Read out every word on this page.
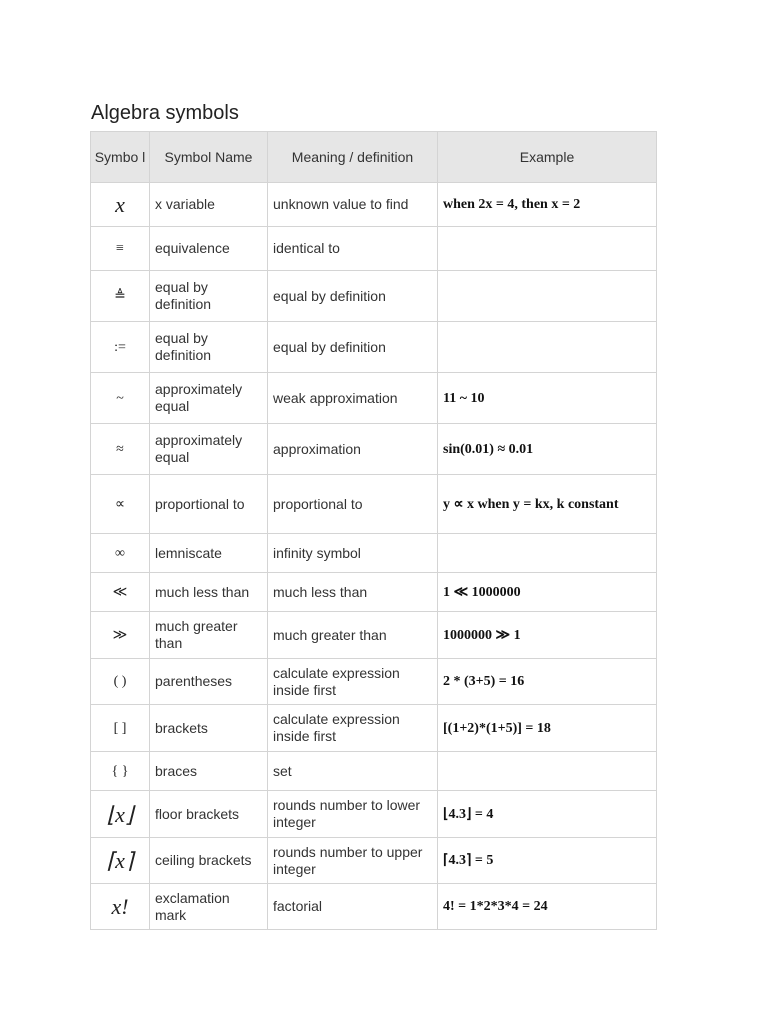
Algebra symbols
Symbo l	Symbol Name	Meaning / definition	Example
x	x variable	unknown value to find	when 2x = 4, then x = 2
≡	equivalence	identical to	
≜	equal by definition	equal by definition	
:=	equal by definition	equal by definition	
~	approximately equal	weak approximation	11 ~ 10
≈	approximately equal	approximation	sin(0.01) ≈ 0.01
∝	proportional to	proportional to	y ∝ x when y = kx, k constant
∞	lemniscate	infinity symbol	
≪	much less than	much less than	1 ≪ 1000000
≫	much greater than	much greater than	1000000 ≫ 1
( )	parentheses	calculate expression inside first	2 * (3+5) = 16
[ ]	brackets	calculate expression inside first	[(1+2)*(1+5)] = 18
{ }	braces	set	
⌊x⌋	floor brackets	rounds number to lower integer	⌊4.3⌋ = 4
⌈x⌉	ceiling brackets	rounds number to upper integer	⌈4.3⌉ = 5
x!	exclamation mark	factorial	4! = 1*2*3*4 = 24
